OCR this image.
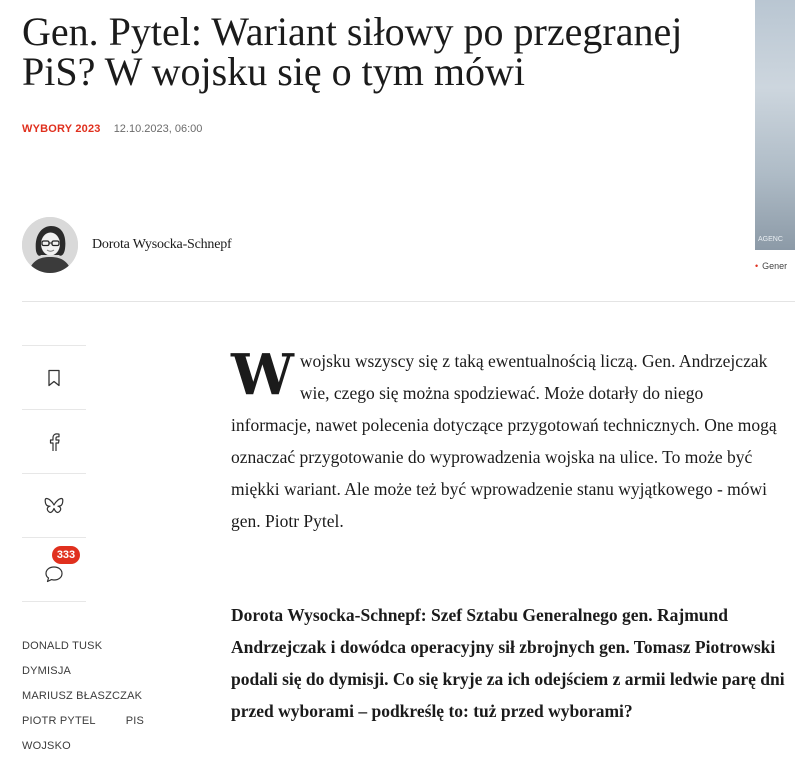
Gen. Pytel: Wariant siłowy po przegranej PiS? W wojsku się o tym mówi
WYBORY 2023 12.10.2023, 06:00
AGENC
• Gener
Dorota Wysocka-Schnepf
333
DONALD TUSK
DYMISJA
MARIUSZ BŁASZCZAK
PIOTR PYTEL	PIS
WOJSKO

Wwojsku wszyscy się z taką ewentualnością liczą. Gen. Andrzejczak wie, czego się można spodziewać. Może dotarły do niego informacje, nawet polecenia dotyczące przygotowań technicznych. One mogą oznaczać przygotowanie do wyprowadzenia wojska na ulice. To może być miękki wariant. Ale może też być wprowadzenie stanu wyjątkowego - mówi gen. Piotr Pytel.

Dorota Wysocka-Schnepf: Szef Sztabu Generalnego gen. Rajmund Andrzejczak i dowódca operacyjny sił zbrojnych gen. Tomasz Piotrowski podali się do dymisji. Co się kryje za ich odejściem z armii ledwie parę dni przed wyborami – podkreślę to: tuż przed wyborami?
